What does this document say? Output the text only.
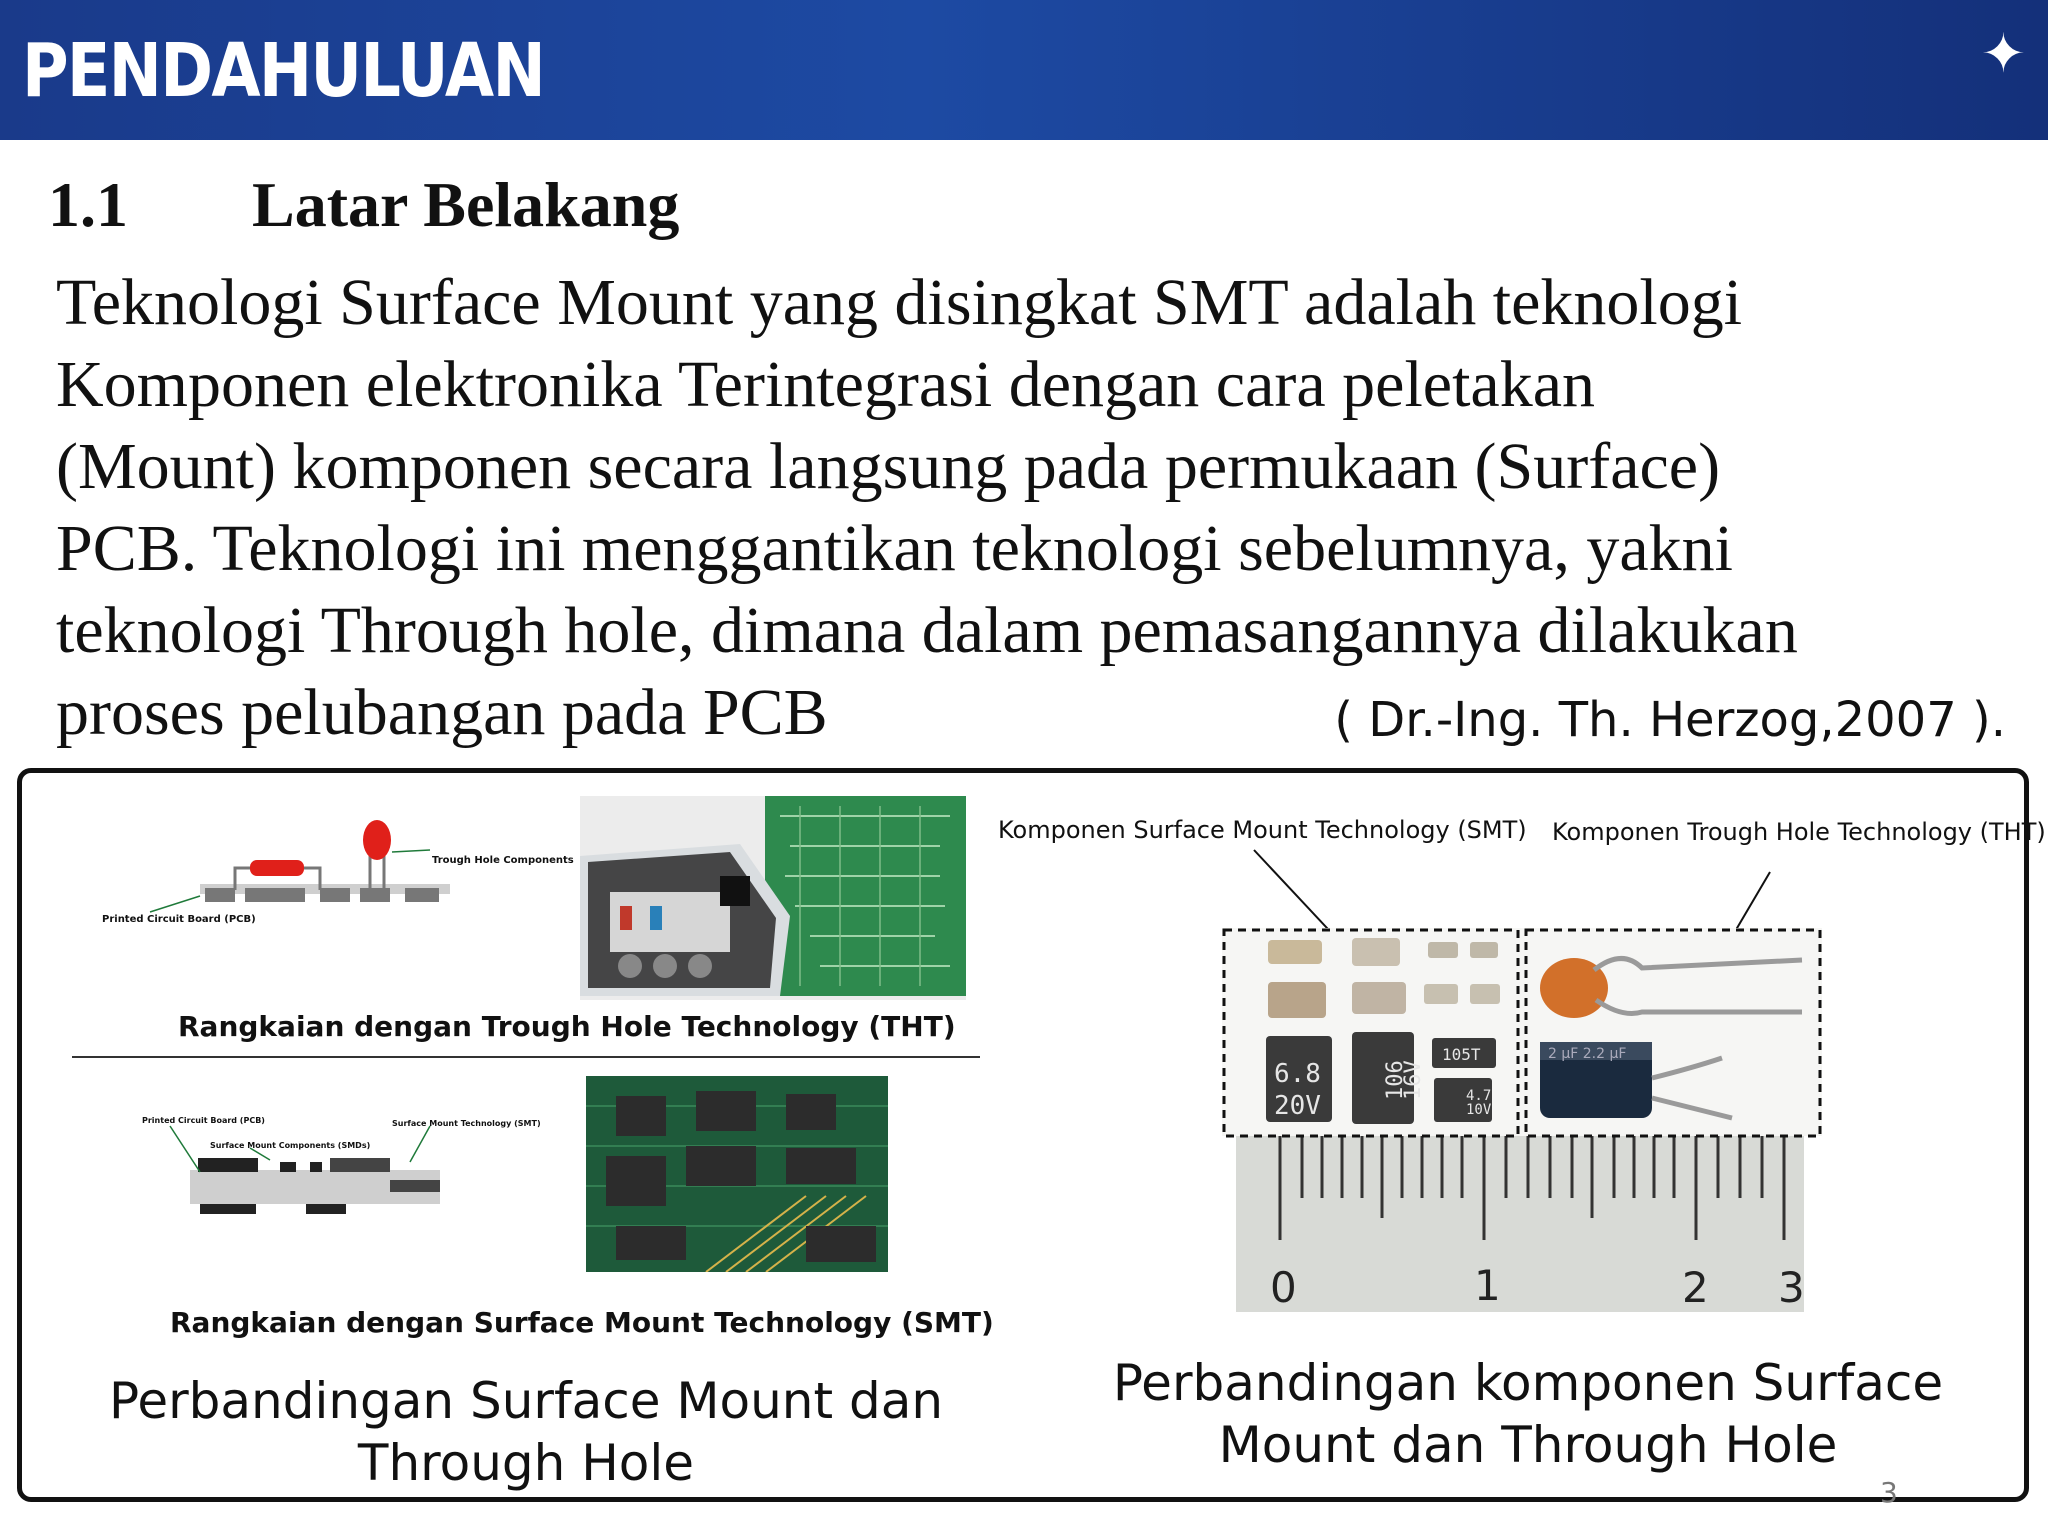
PENDAHULUAN	✦
1.1 Latar Belakang
Teknologi Surface Mount yang disingkat SMT adalah teknologi
Komponen elektronika Terintegrasi dengan cara peletakan
(Mount) komponen secara langsung pada permukaan (Surface)
PCB. Teknologi ini menggantikan teknologi sebelumnya, yakni
teknologi Through hole, dimana dalam pemasangannya dilakukan
proses pelubangan pada PCB	( Dr.-Ing. Th. Herzog,2007 ).
Printed Circuit Board (PCB)
Trough Hole Components
Rangkaian dengan Trough Hole Technology (THT)
Printed Circuit Board (PCB)
Surface Mount Components (SMDs)
Surface Mount Technology (SMT)
Rangkaian dengan Surface Mount Technology (SMT)
Perbandingan Surface Mount dan
Through Hole
Komponen Surface Mount Technology (SMT) Komponen Trough Hole Technology (THT)
0	1	2 3
6.8
20V
106
16V
105T
4.7
10V
2 μF 2.2 μF
Perbandingan komponen Surface
Mount dan Through Hole
3
